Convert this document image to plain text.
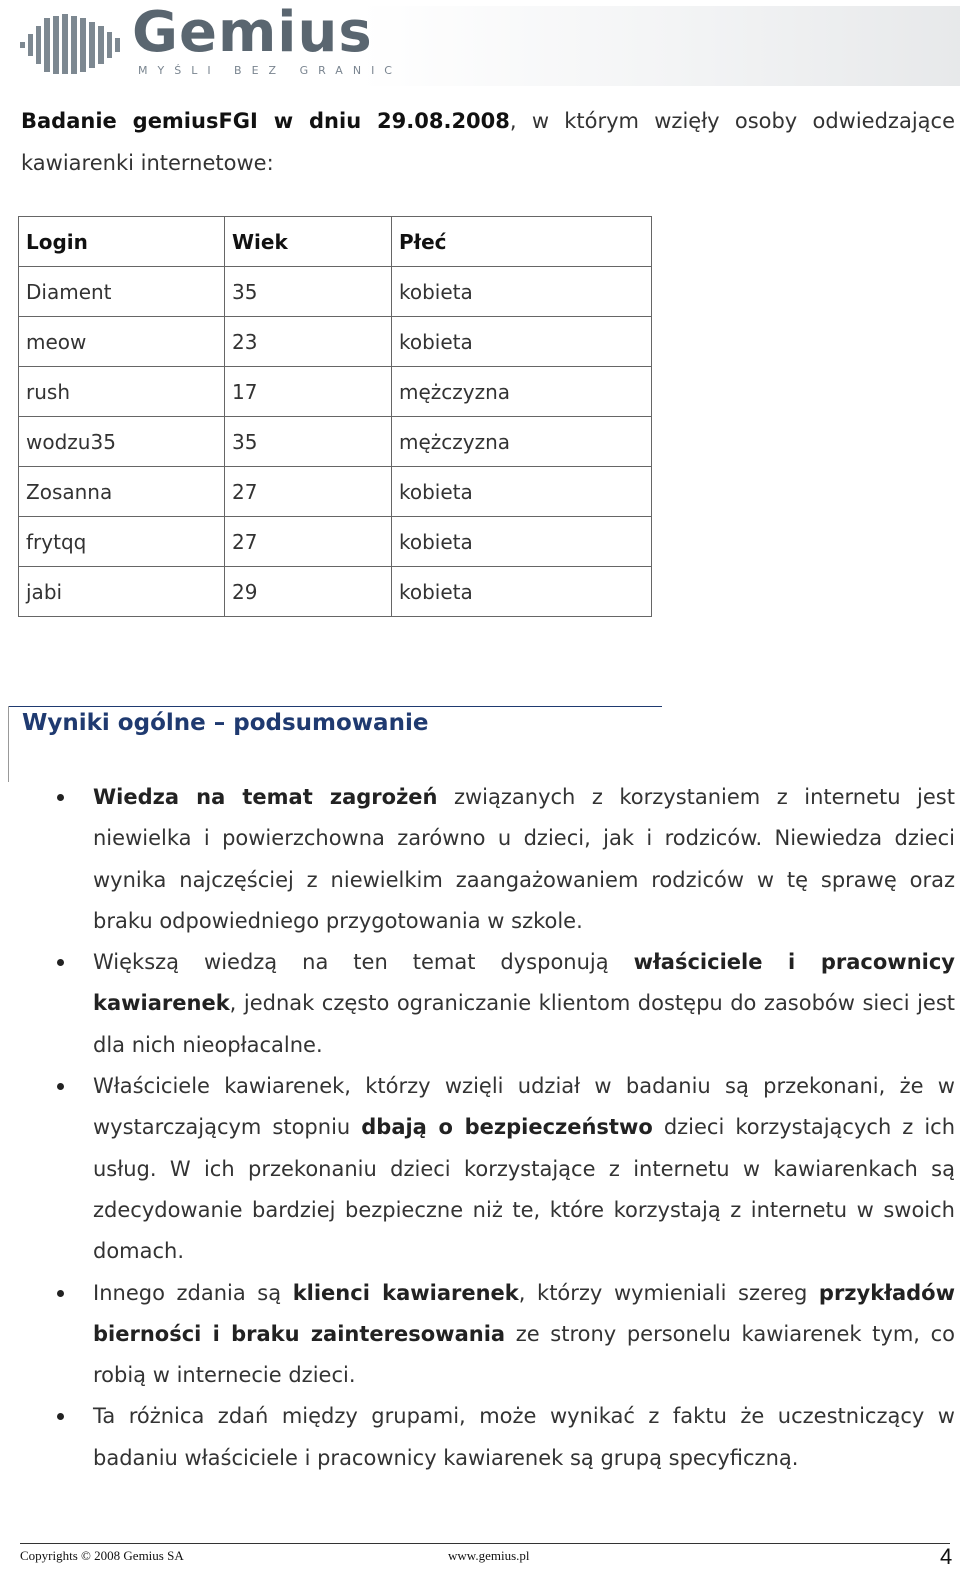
Gemius
MYŚLI BEZ GRANIC
Badanie gemiusFGI w dniu 29.08.2008, w którym wzięły osoby odwiedzające kawiarenki internetowe:
Login	Wiek	Płeć
Diament	35	kobieta
meow	23	kobieta
rush	17	mężczyzna
wodzu35	35	mężczyzna
Zosanna	27	kobieta
frytqq	27	kobieta
jabi	29	kobieta
Wyniki ogólne – podsumowanie
Wiedza na temat zagrożeń związanych z korzystaniem z internetu jest niewielka i powierzchowna zarówno u dzieci, jak i rodziców. Niewiedza dzieci wynika najczęściej z niewielkim zaangażowaniem rodziców w tę sprawę oraz braku odpowiedniego przygotowania w szkole.
Większą wiedzą na ten temat dysponują właściciele i pracownicy kawiarenek, jednak często ograniczanie klientom dostępu do zasobów sieci jest dla nich nieopłacalne.
Właściciele kawiarenek, którzy wzięli udział w badaniu są przekonani, że w wystarczającym stopniu dbają o bezpieczeństwo dzieci korzystających z ich usług. W ich przekonaniu dzieci korzystające z internetu w kawiarenkach są zdecydowanie bardziej bezpieczne niż te, które korzystają z internetu w swoich domach.
Innego zdania są klienci kawiarenek, którzy wymieniali szereg przykładów bierności i braku zainteresowania ze strony personelu kawiarenek tym, co robią w internecie dzieci.
Ta różnica zdań między grupami, może wynikać z faktu że uczestniczący w badaniu właściciele i pracownicy kawiarenek są grupą specyficzną.
Copyrights © 2008 Gemius SA	www.gemius.pl	4
